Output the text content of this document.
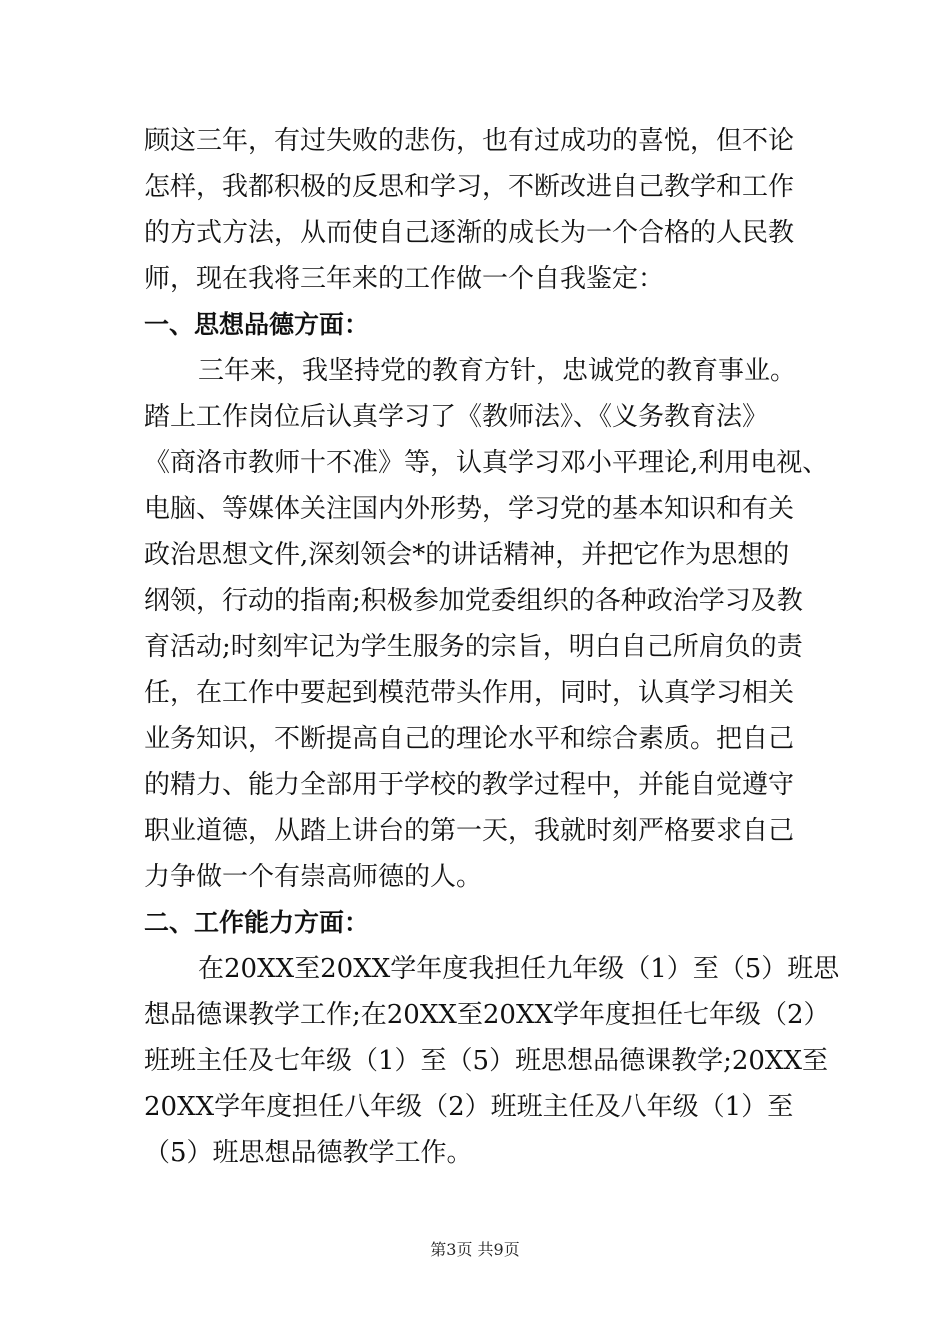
顾这三年，有过失败的悲伤，也有过成功的喜悦，但不论
怎样，我都积极的反思和学习，不断改进自己教学和工作
的方式方法，从而使自己逐渐的成长为一个合格的人民教
师，现在我将三年来的工作做一个自我鉴定：
一、思想品德方面：
三年来，我坚持党的教育方针，忠诚党的教育事业。
踏上工作岗位后认真学习了《教师法》、《义务教育法》
《商洛市教师十不准》等，认真学习邓小平理论,利用电视、
电脑、等媒体关注国内外形势，学习党的基本知识和有关
政治思想文件,深刻领会*的讲话精神，并把它作为思想的
纲领，行动的指南;积极参加党委组织的各种政治学习及教
育活动;时刻牢记为学生服务的宗旨，明白自己所肩负的责
任，在工作中要起到模范带头作用，同时，认真学习相关
业务知识，不断提高自己的理论水平和综合素质。把自己
的精力、能力全部用于学校的教学过程中，并能自觉遵守
职业道德，从踏上讲台的第一天，我就时刻严格要求自己
力争做一个有崇高师德的人。
二、工作能力方面：
在20XX至20XX学年度我担任九年级（1）至（5）班思
想品德课教学工作;在20XX至20XX学年度担任七年级（2）
班班主任及七年级（1）至（5）班思想品德课教学;20XX至
20XX学年度担任八年级（2）班班主任及八年级（1）至
（5）班思想品德教学工作。
第3页 共9页
